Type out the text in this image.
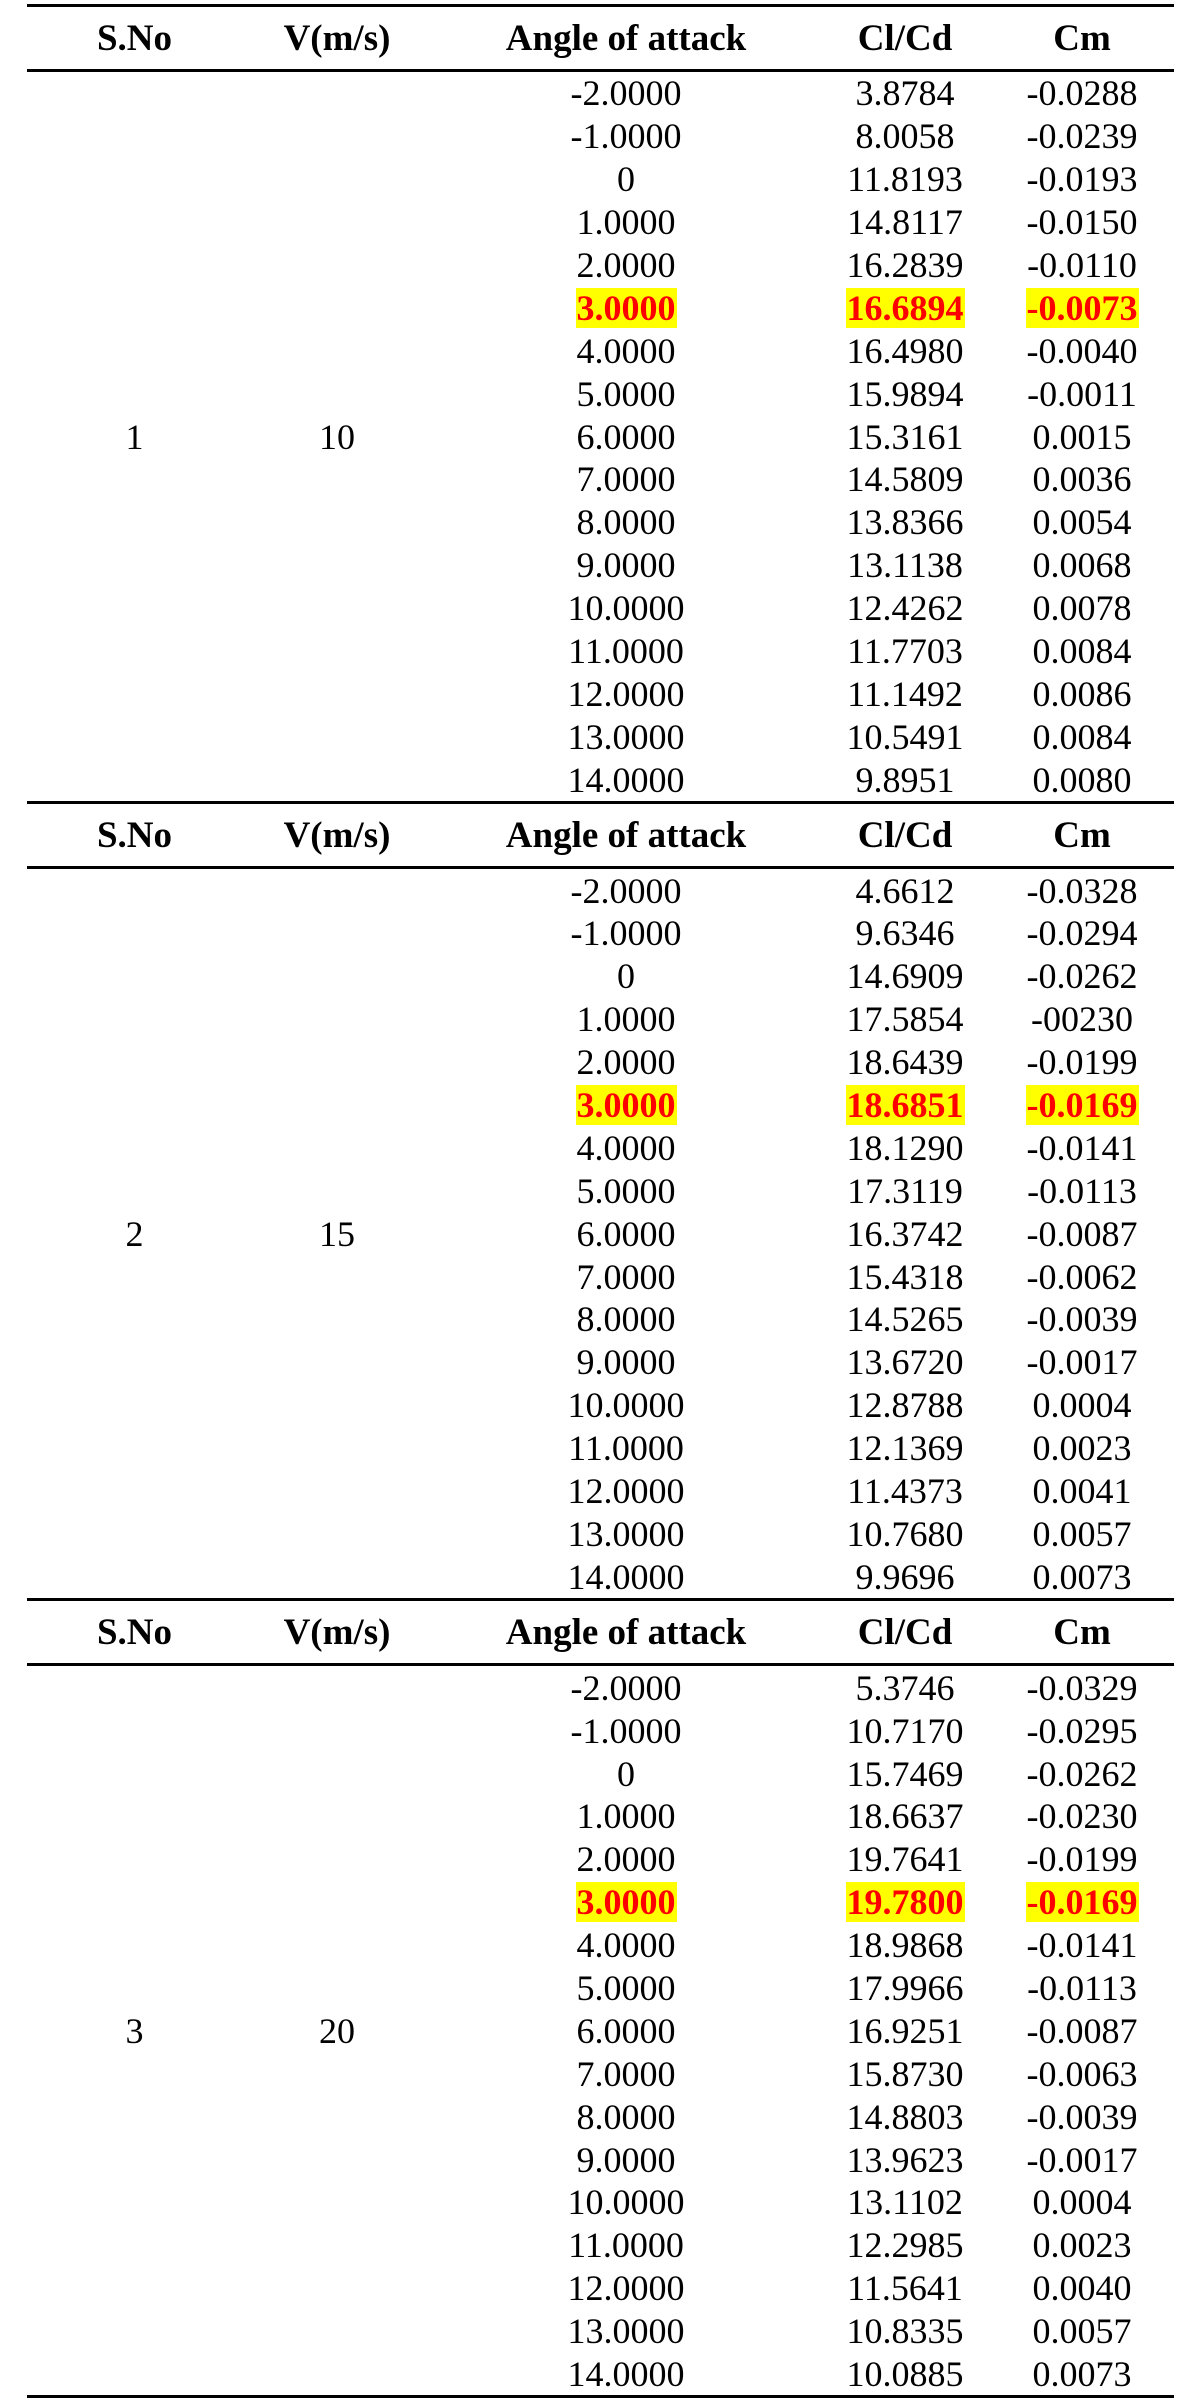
S.No	V(m/s)	Angle of attack	Cl/Cd	Cm
1	10	-2.0000	3.8784	-0.0288
		-1.0000	8.0058	-0.0239
		0	11.8193	-0.0193
		1.0000	14.8117	-0.0150
		2.0000	16.2839	-0.0110
		3.0000	16.6894	-0.0073
		4.0000	16.4980	-0.0040
		5.0000	15.9894	-0.0011
		6.0000	15.3161	0.0015
		7.0000	14.5809	0.0036
		8.0000	13.8366	0.0054
		9.0000	13.1138	0.0068
		10.0000	12.4262	0.0078
		11.0000	11.7703	0.0084
		12.0000	11.1492	0.0086
		13.0000	10.5491	0.0084
		14.0000	9.8951	0.0080
S.No	V(m/s)	Angle of attack	Cl/Cd	Cm
2	15	-2.0000	4.6612	-0.0328
		-1.0000	9.6346	-0.0294
		0	14.6909	-0.0262
		1.0000	17.5854	-00230
		2.0000	18.6439	-0.0199
		3.0000	18.6851	-0.0169
		4.0000	18.1290	-0.0141
		5.0000	17.3119	-0.0113
		6.0000	16.3742	-0.0087
		7.0000	15.4318	-0.0062
		8.0000	14.5265	-0.0039
		9.0000	13.6720	-0.0017
		10.0000	12.8788	0.0004
		11.0000	12.1369	0.0023
		12.0000	11.4373	0.0041
		13.0000	10.7680	0.0057
		14.0000	9.9696	0.0073
S.No	V(m/s)	Angle of attack	Cl/Cd	Cm
3	20	-2.0000	5.3746	-0.0329
		-1.0000	10.7170	-0.0295
		0	15.7469	-0.0262
		1.0000	18.6637	-0.0230
		2.0000	19.7641	-0.0199
		3.0000	19.7800	-0.0169
		4.0000	18.9868	-0.0141
		5.0000	17.9966	-0.0113
		6.0000	16.9251	-0.0087
		7.0000	15.8730	-0.0063
		8.0000	14.8803	-0.0039
		9.0000	13.9623	-0.0017
		10.0000	13.1102	0.0004
		11.0000	12.2985	0.0023
		12.0000	11.5641	0.0040
		13.0000	10.8335	0.0057
		14.0000	10.0885	0.0073
